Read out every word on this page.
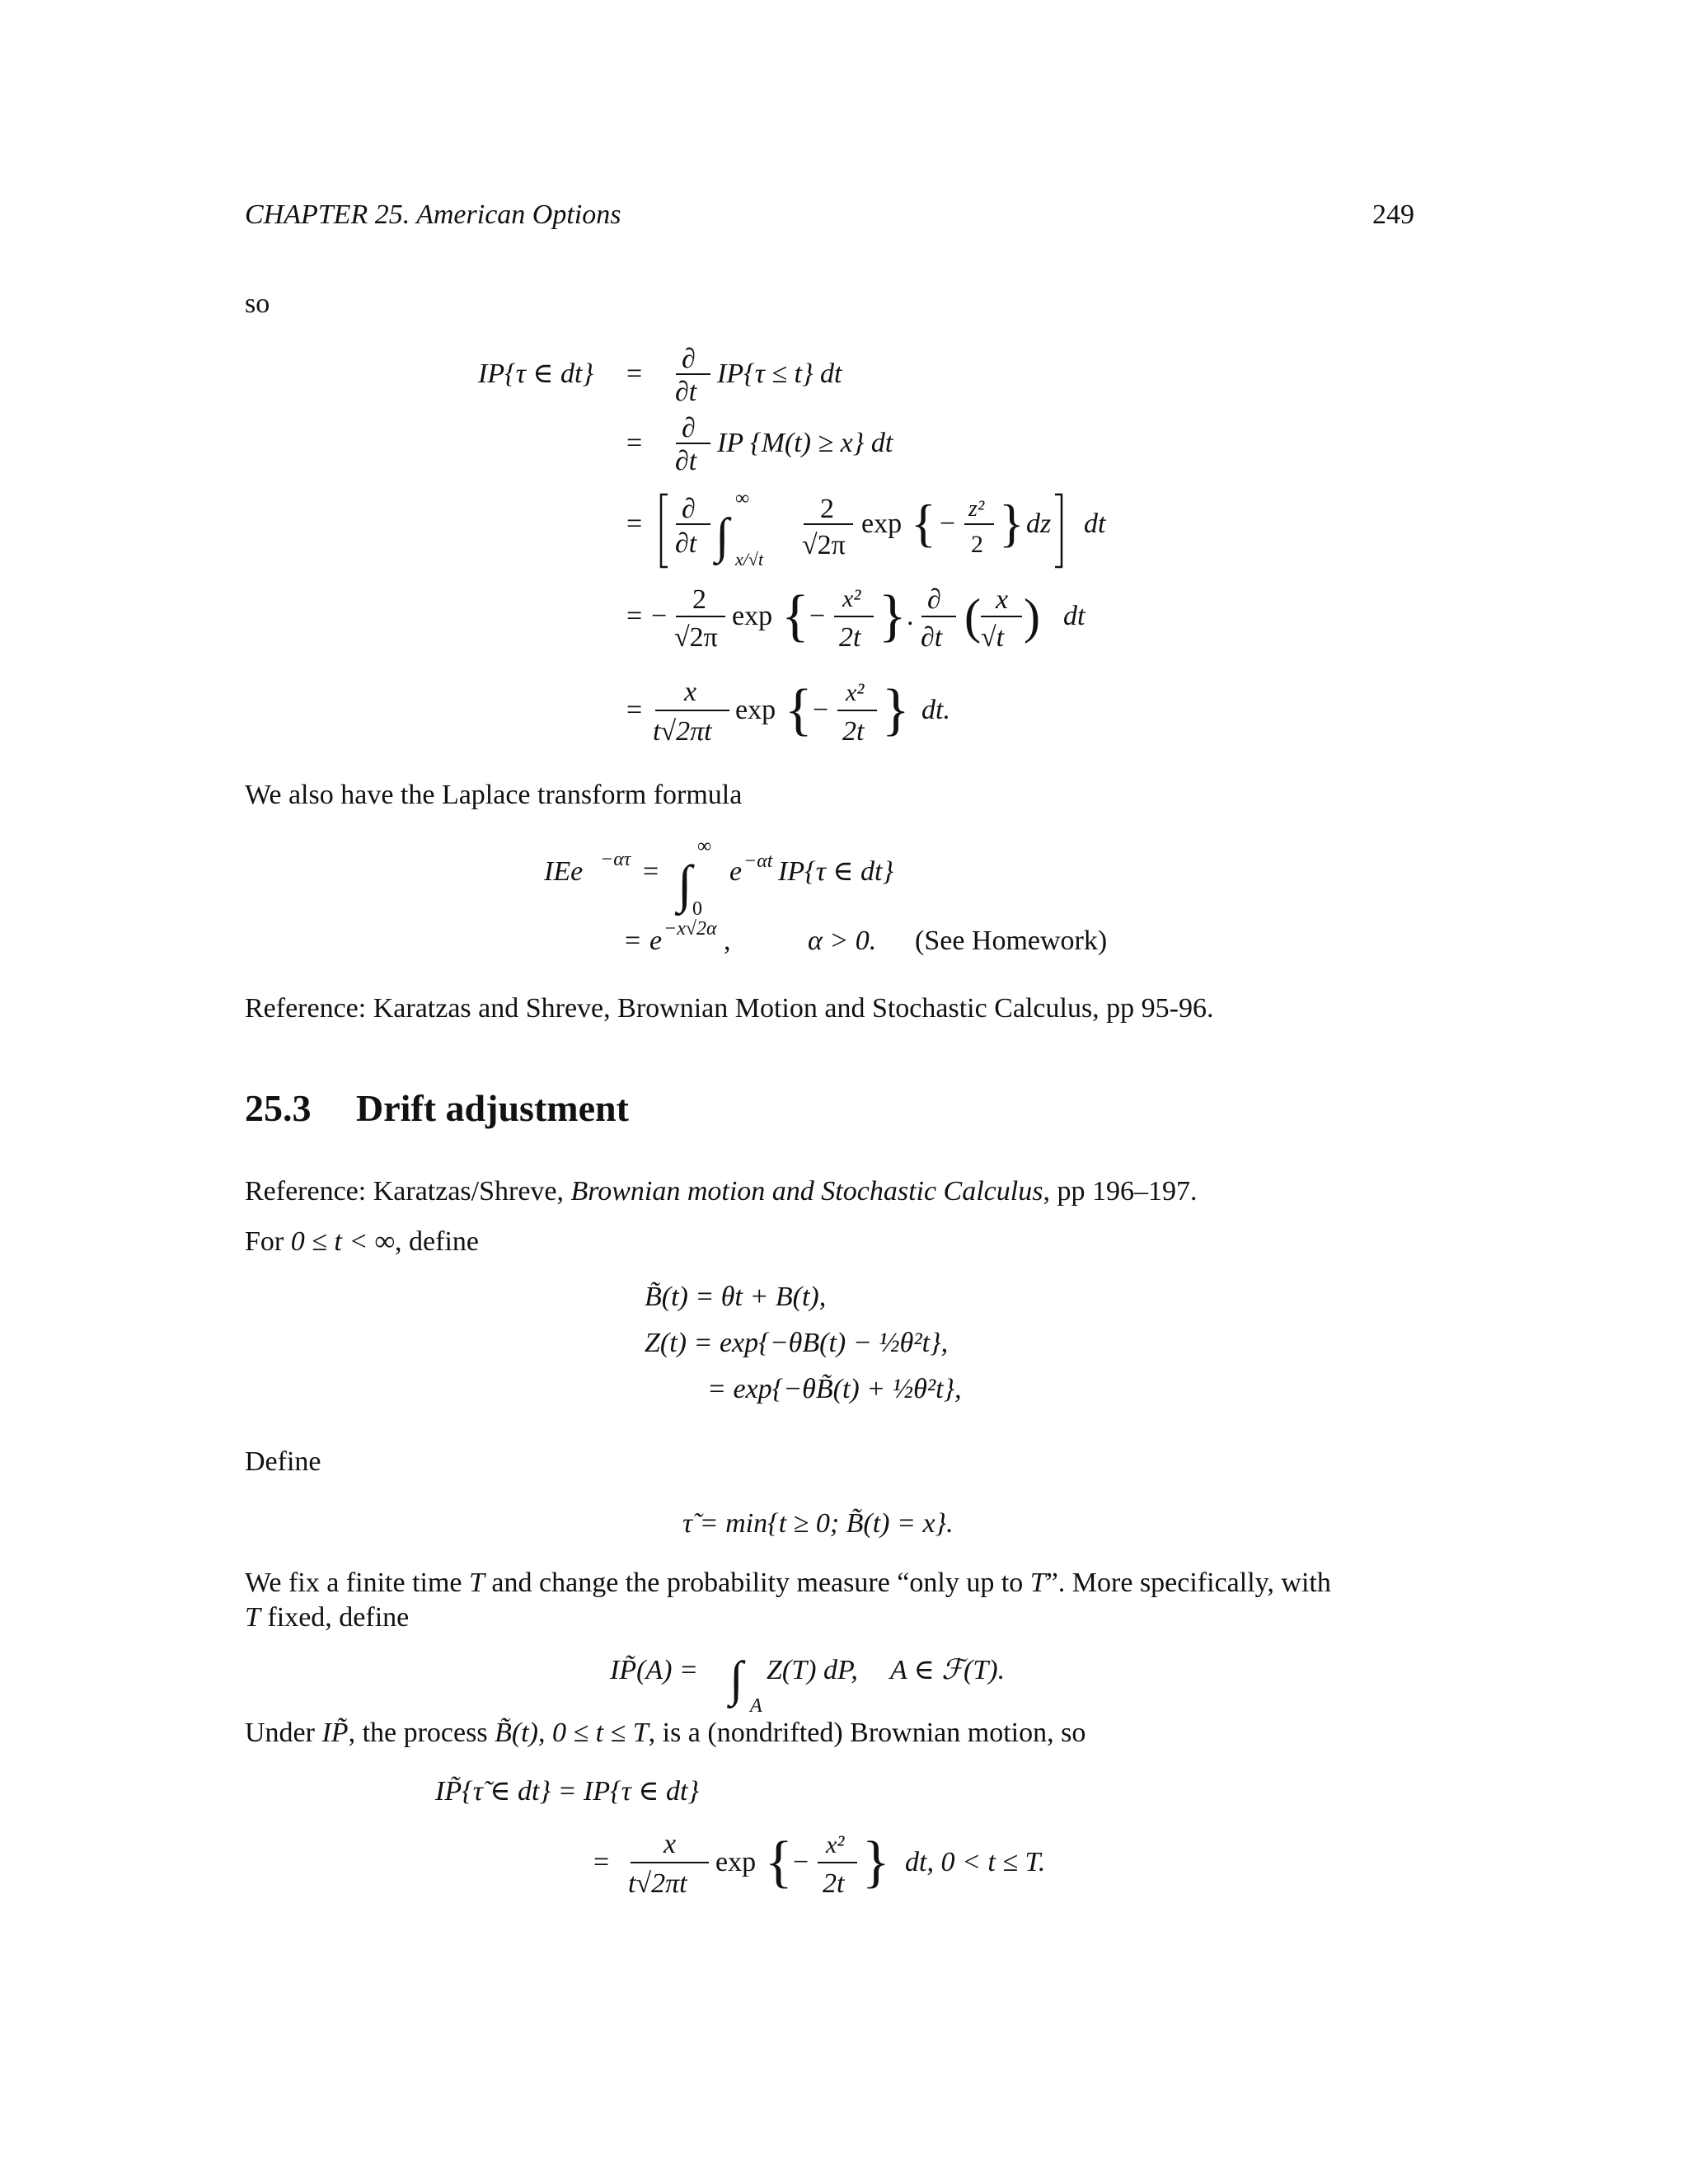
CHAPTER 25. American Options	249
so
IP{τ ∈ dt} = ∂
∂t
IP{τ ≤ t} dt
= ∂
∂t
IP {M(t) ≥ x} dt
= ∂
∂t ∫
∞
x/√t
2
√2π
exp { − z²
2 } dz dt
= −
2
√2π
exp { −
x²
2t } .
∂
∂t ( x
√t ) dt
=
x
t√2πt
exp { −
x²
2t } dt.
We also have the Laplace transform formula
IEe −ατ = ∫
∞
0
e −αt IP{τ ∈ dt}
= e −x√2α ,	α > 0. (See Homework)
Reference: Karatzas and Shreve, Brownian Motion and Stochastic Calculus, pp 95-96.
25.3 Drift adjustment
Reference: Karatzas/Shreve, Brownian motion and Stochastic Calculus, pp 196–197.
For 0 ≤ t < ∞, define
B̃(t) = θt + B(t),
Z(t) = exp{−θB(t) − ½θ²t},
= exp{−θB̃(t) + ½θ²t},
Define
τ̃ = min{t ≥ 0; B̃(t) = x}.
We fix a finite time T and change the probability measure “only up to T”. More specifically, with
T fixed, define
IP̃(A) = ∫ A
Z(T) dP, A ∈ ℱ(T).
Under IP̃, the process B̃(t), 0 ≤ t ≤ T, is a (nondrifted) Brownian motion, so
IP̃{τ̃ ∈ dt} = IP{τ ∈ dt}
=
x
t√2πt
exp { −
x²
2t } dt, 0 < t ≤ T.
